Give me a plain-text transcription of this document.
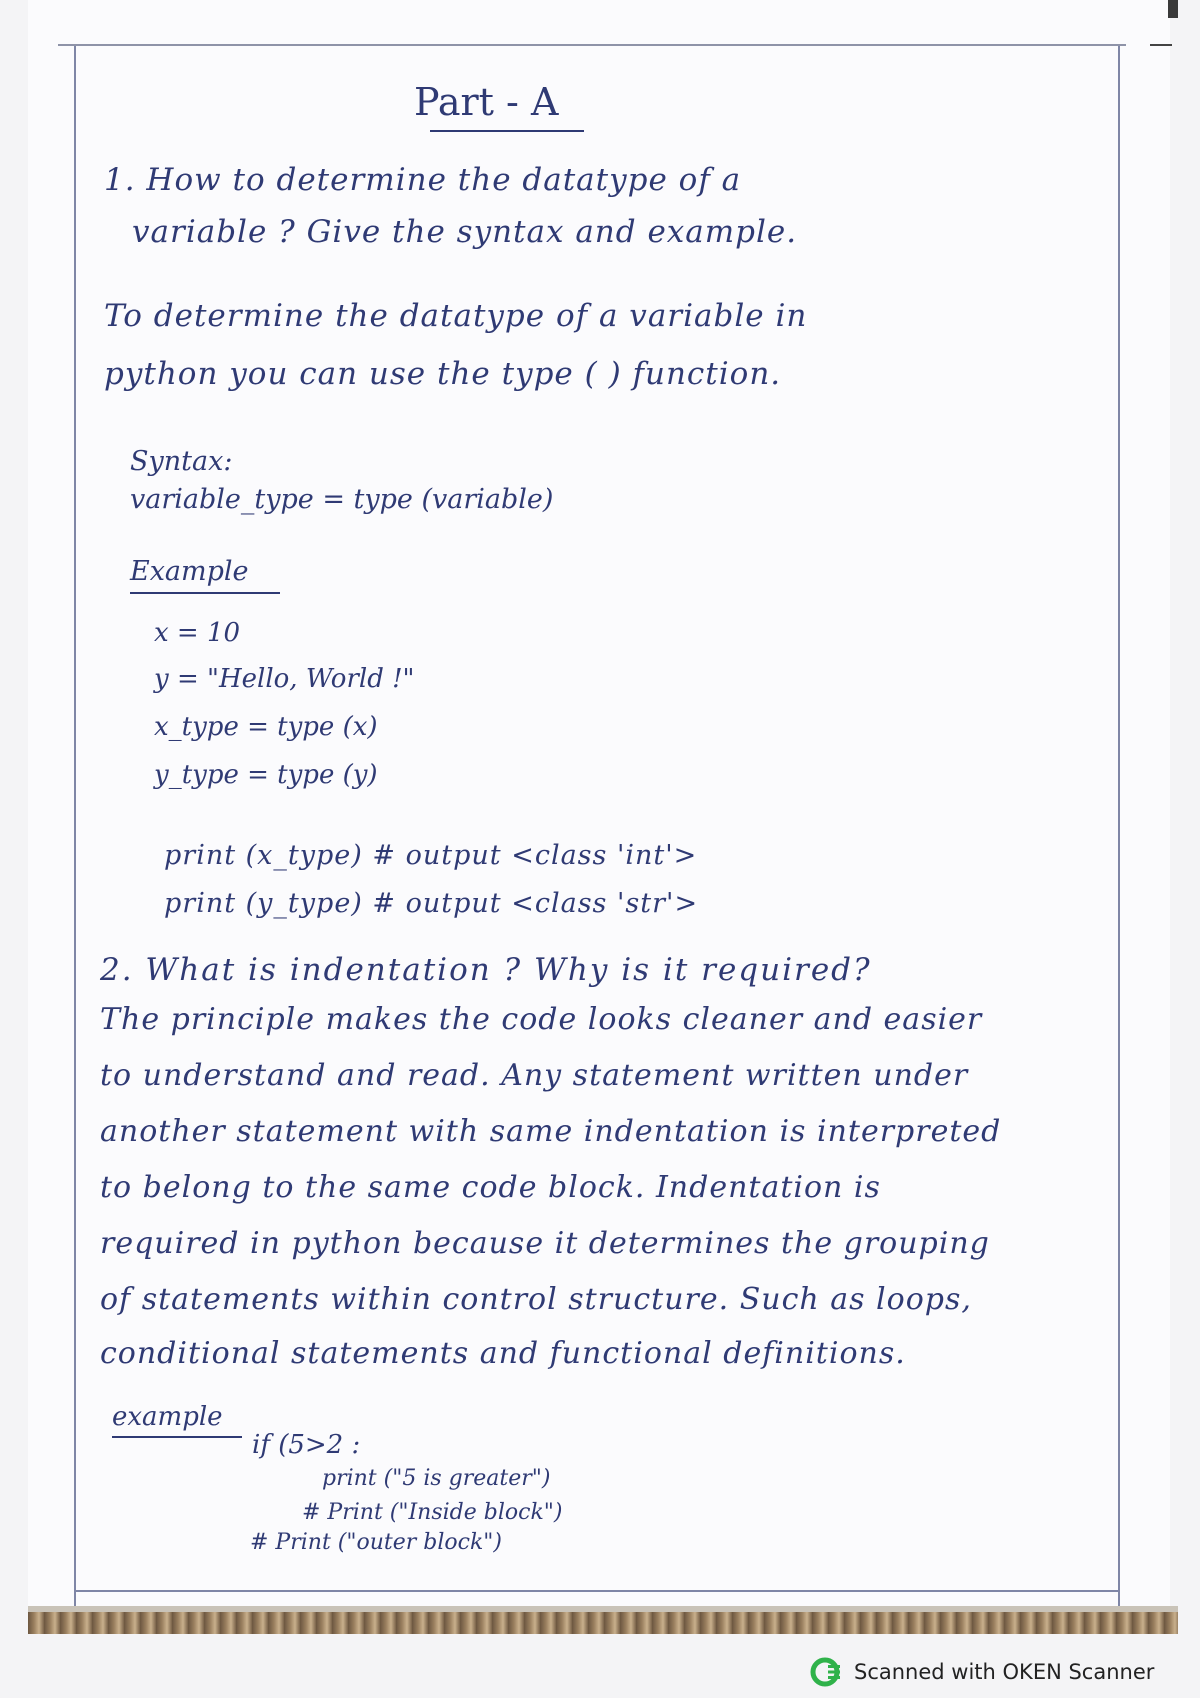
Part - A

1. How to determine the datatype of a

variable ? Give the syntax and example.

To determine the datatype of a variable in

python you can use the type ( ) function.

Syntax:

variable_type = type (variable)

Example

x = 10

y = "Hello, World !"

x_type = type (x)

y_type = type (y)

print (x_type) # output <class 'int'>

print (y_type) # output <class 'str'>

2. What is indentation ? Why is it required?

The principle makes the code looks cleaner and easier

to understand and read. Any statement written under

another statement with same indentation is interpreted

to belong to the same code block. Indentation is

required in python because it determines the grouping

of statements within control structure. Such as loops,

conditional statements and functional definitions.

example

if (5>2 :

print ("5 is greater")

# Print ("Inside block")

# Print ("outer block")

Scanned with OKEN Scanner
